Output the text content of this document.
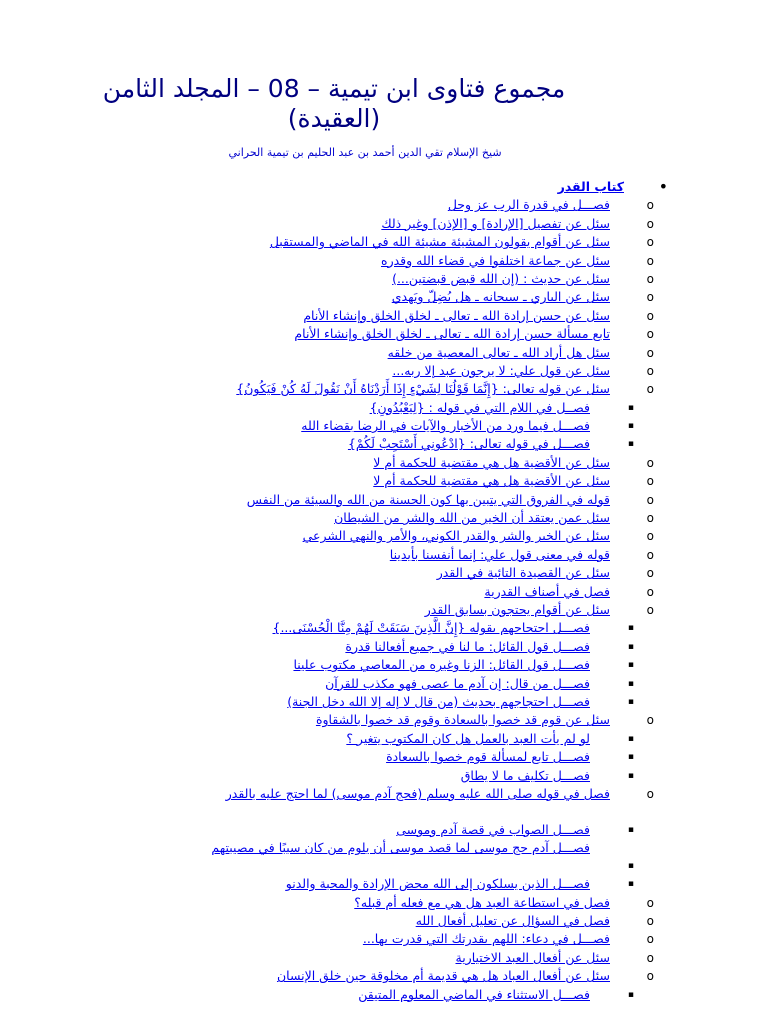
مجموع فتاوى ابن تيمية – 08 – المجلد الثامن
(العقيدة)
شيخ الإسلام تقي الدين أحمد بن عبد الحليم بن تيمية الحراني
•
كتاب القدر
o
فصـــل في قدرة الرب عز وجل
o
سئل عن تفصيل [الإرادة] و [الإذن] وغير ذلك
o
سئل عن أقوام يقولون المشيئة مشيئة الله في الماضي والمستقبل
o
سئل عن جماعة اختلفوا في قضاء الله وقدره
o
سئل عن حديث : (إن الله قبض قبضتين...)
o
سئل عن الباري ـ سبحانه ـ هل يُضِلّ ويَهدي
o
سئل عن حسن إرادة الله ـ تعالى ـ لخلق الخلق وإنشاء الأنام
o
تابع مسألة حسن إرادة الله ـ تعالى ـ لخلق الخلق وإنشاء الأنام
o
سئل هل أراد الله ـ تعالى المعصية من خلقه
o
سئل عن قول علي: لا يرجون عبد إلا ربه...
o
سئل عن قوله تعالى: {إِنَّمَا قَوْلُنَا لِشَيْءٍ إِذَا أَرَدْنَاهُ أَنْ نَقُولَ لَهُ كُنْ فَيَكُونُ}
▪
فصــل في اللام التي في قوله : {لِيَعْبُدُونِ}
▪
فصـــل فيما ورد من الأخبار والآيات في الرضا بقضاء الله
▪
فصـــل في قوله تعالى: {ادْعُونِي أَسْتَجِبْ لَكُمْ}
o
سئل عن الأقضية هل هي مقتضية للحكمة أم لا
o
سئل عن الأقضية هل هي مقتضية للحكمة أم لا
o
قوله في الفروق التي يتبين بها كون الحسنة من الله والسيئة من النفس
o
سئل عمن يعتقد أن الخير من الله والشر من الشيطان
o
سئل عن الخير والشر والقدر الكوني، والأمر والنهي الشرعي
o
قوله في معنى قول علي: إنما أنفسنا بأيدينا
o
سئل عن القصيدة التائية في القدر
o
فصل في أصناف القدرية
o
سئل عن أقوام يحتجون بسابق القدر
▪
فصـــل احتجاجهم بقوله {إِنَّ الَّذِينَ سَبَقَتْ لَهُمْ مِنَّا الْحُسْنَى...}
▪
فصـــل قول القائل: ما لنا في جميع أفعالنا قدرة
▪
فصـــل قول القائل: الزنا وغيره من المعاصي مكتوب علينا
▪
فصـــل من قال: إن آدم ما عصى فهو مكذب للقرآن
▪
فصـــل احتجاجهم بحديث (من قال لا إله إلا الله دخل الجنة)
o
سئل عن قوم قد خصوا بالسعادة وقوم قد خصوا بالشقاوة
▪
لو لم يأت العبد بالعمل هل كان المكتوب يتغير ؟
▪
فصـــل تابع لمسألة قوم خصوا بالسعادة
▪
فصـــل تكليف ما لا يطاق
o
فصل في قوله صلى الله عليه وسلم (فحج آدم موسى) لما احتج عليه بالقدر
▪
فصـــل الصواب في قصة آدم وموسى
▪
فصـــل آدم حج موسى لما قصد موسى أن يلوم من كان سببًا في مصيبتهم
▪
فصـــل الذين يسلكون إلى الله محض الإرادة والمحبة والدنو
o
فصل في استطاعة العبد هل هي مع فعله أم قبله؟
o
فصل في السؤال عن تعليل أفعال الله
o
فصـــل في دعاء: اللهم بقدرتك التي قدرت بها...
o
سئل عن أفعال العبد الاختيارية
o
سئل عن أفعال العباد هل هي قديمة أم مخلوقة حين خلق الإنسان
▪
فصـــل الاستثناء في الماضي المعلوم المتيقن
